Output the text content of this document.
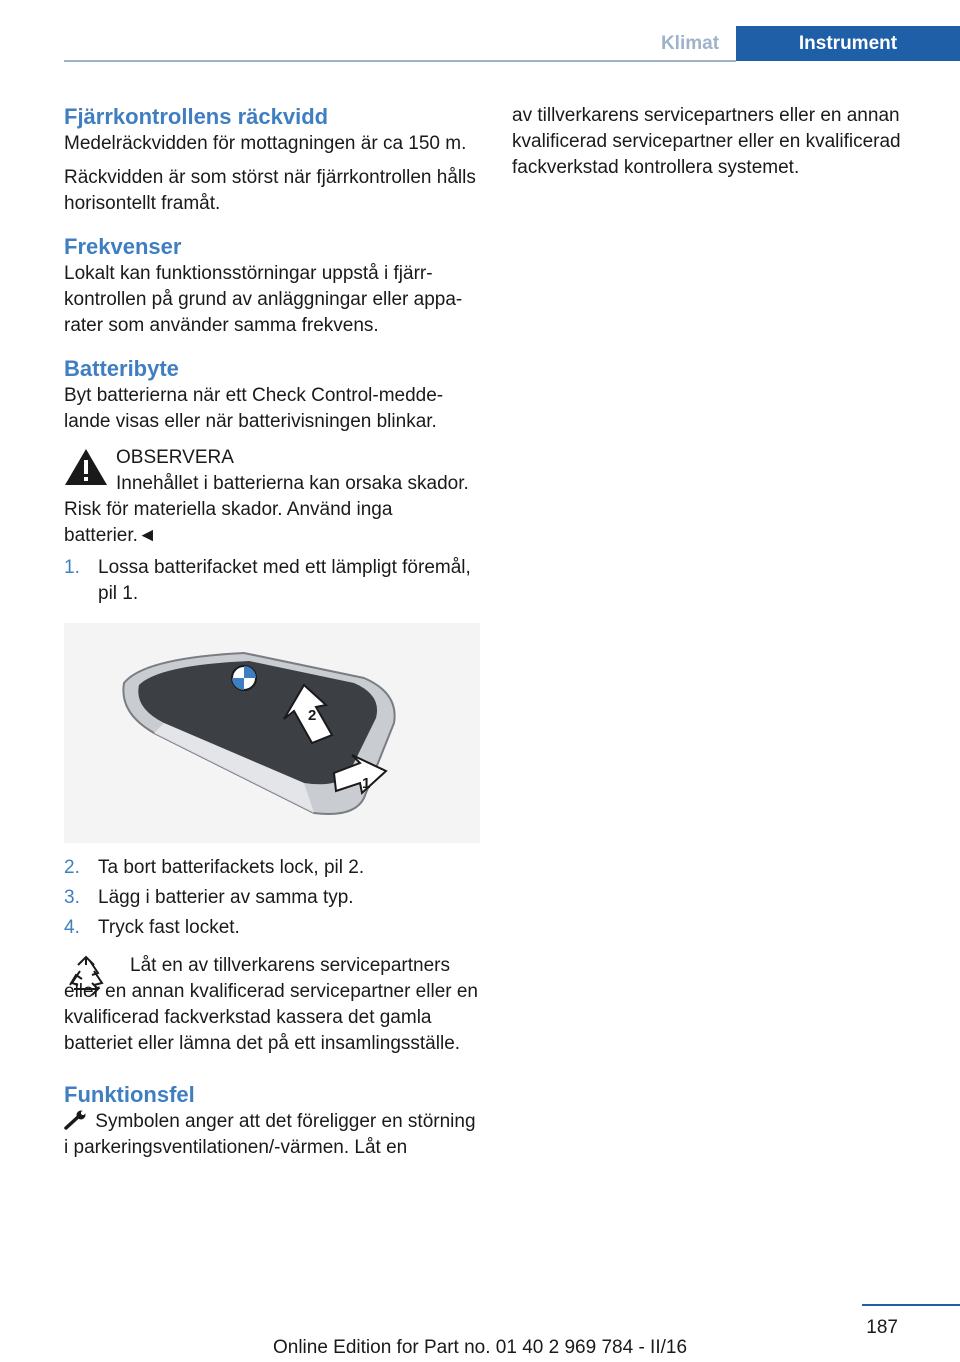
Klimat	Instrument
Fjärrkontrollens räckvidd

Medelräckvidden för mottagningen är ca 150 m.

Räckvidden är som störst när fjärrkontrollen hålls horisontellt framåt.

Frekvenser

Lokalt kan funktionsstörningar uppstå i fjärrkontrollen på grund av anläggningar eller apparater som använder samma frekvens.

Batteribyte

Byt batterierna när ett Check Control-meddelande visas eller när batterivisningen blinkar.

OBSERVERA

Innehållet i batterierna kan orsaka skador. Risk för materiella skador. Använd inga batterier.◄

1. Lossa batterifacket med ett lämpligt föremål, pil 1.
1
2
2. Ta bort batterifackets lock, pil 2.
3. Lägg i batterier av samma typ.
4. Tryck fast locket.

Låt en av tillverkarens servicepartners eller en annan kvalificerad servicepartner eller en kvalificerad fackverkstad kassera det gamla batteriet eller lämna det på ett insamlingsställe.

Funktionsfel

Symbolen anger att det föreligger en störning i parkeringsventilationen/-värmen. Låt en

av tillverkarens servicepartners eller en annan kvalificerad servicepartner eller en kvalificerad fackverkstad kontrollera systemet.

187
Online Edition for Part no. 01 40 2 969 784 - II/16
